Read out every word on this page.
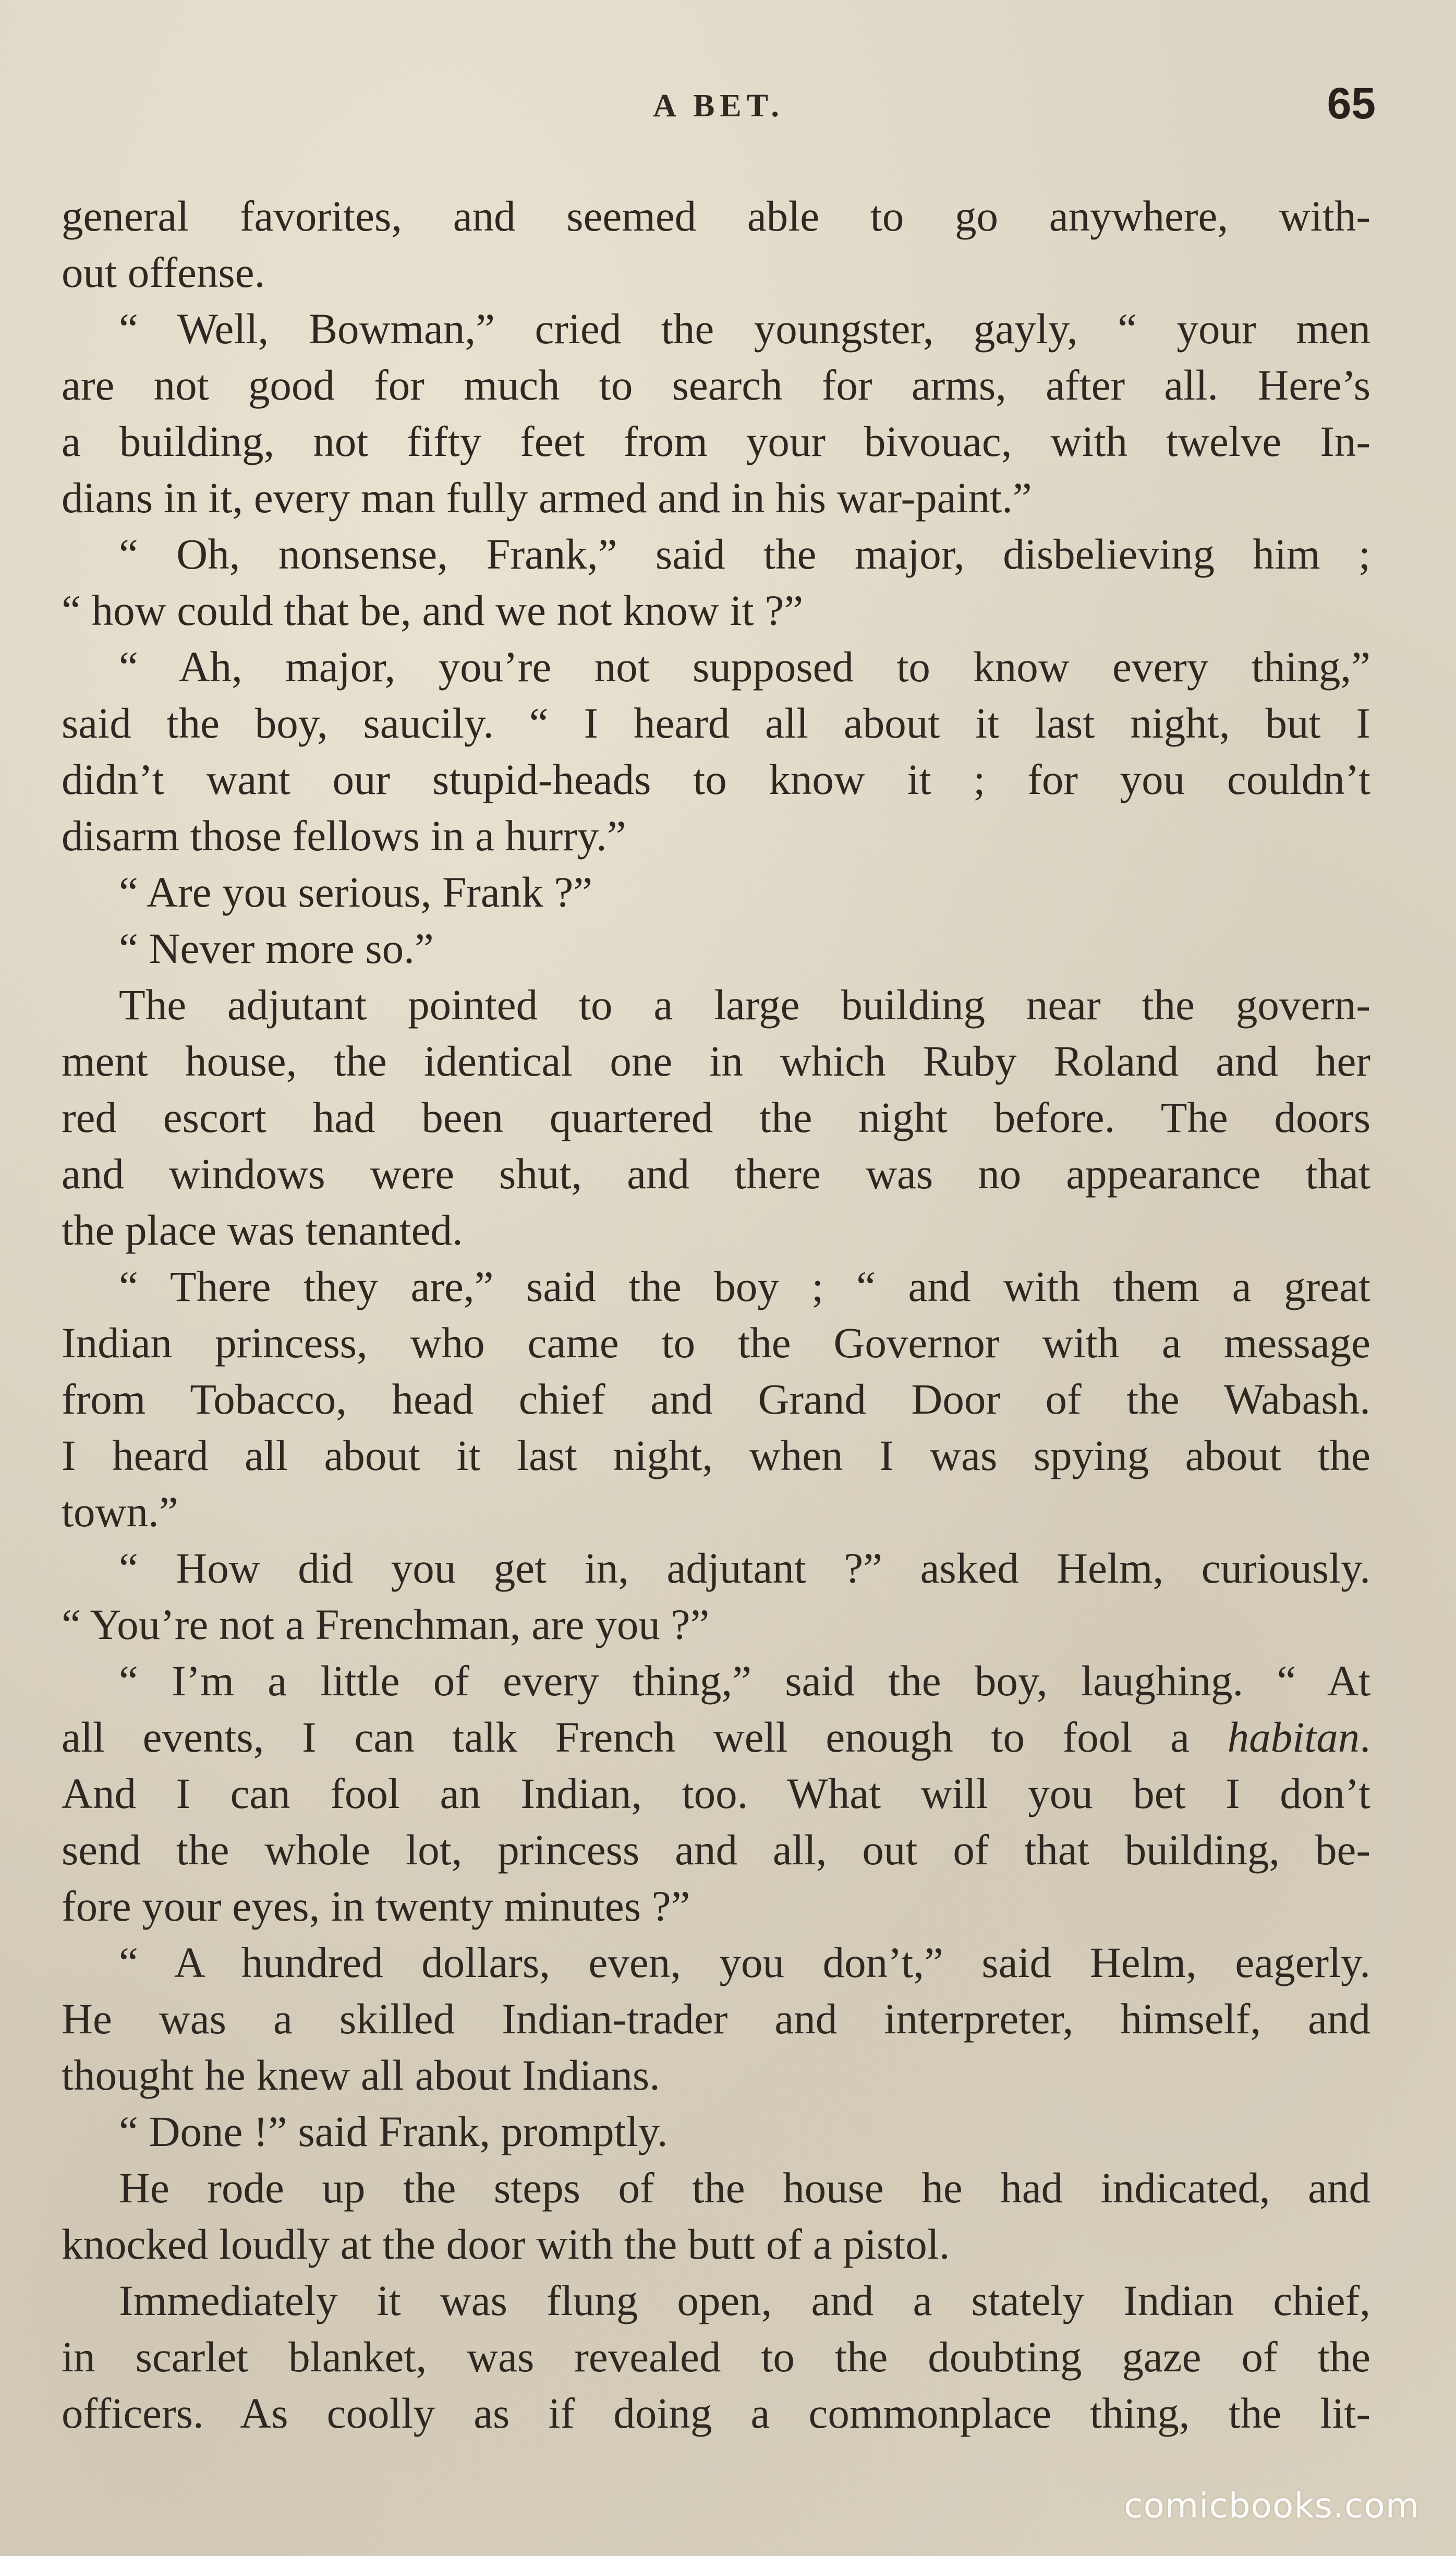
A BET.	65
general favorites, and seemed able to go anywhere, with-
out offense.
“ Well, Bowman,” cried the youngster, gayly, “ your men
are not good for much to search for arms, after all. Here’s
a building, not fifty feet from your bivouac, with twelve In-
dians in it, every man fully armed and in his war-paint.”
“ Oh, nonsense, Frank,” said the major, disbelieving him ;
“ how could that be, and we not know it ?”
“ Ah, major, you’re not supposed to know every thing,”
said the boy, saucily. “ I heard all about it last night, but I
didn’t want our stupid-heads to know it ; for you couldn’t
disarm those fellows in a hurry.”
“ Are you serious, Frank ?”
“ Never more so.”
The adjutant pointed to a large building near the govern-
ment house, the identical one in which Ruby Roland and her
red escort had been quartered the night before. The doors
and windows were shut, and there was no appearance that
the place was tenanted.
“ There they are,” said the boy ; “ and with them a great
Indian princess, who came to the Governor with a message
from Tobacco, head chief and Grand Door of the Wabash.
I heard all about it last night, when I was spying about the
town.”
“ How did you get in, adjutant ?” asked Helm, curiously.
“ You’re not a Frenchman, are you ?”
“ I’m a little of every thing,” said the boy, laughing. “ At
all events, I can talk French well enough to fool a habitan.
And I can fool an Indian, too. What will you bet I don’t
send the whole lot, princess and all, out of that building, be-
fore your eyes, in twenty minutes ?”
“ A hundred dollars, even, you don’t,” said Helm, eagerly.
He was a skilled Indian-trader and interpreter, himself, and
thought he knew all about Indians.
“ Done !” said Frank, promptly.
He rode up the steps of the house he had indicated, and
knocked loudly at the door with the butt of a pistol.
Immediately it was flung open, and a stately Indian chief,
in scarlet blanket, was revealed to the doubting gaze of the
officers. As coolly as if doing a commonplace thing, the lit-
comicbooks.com
